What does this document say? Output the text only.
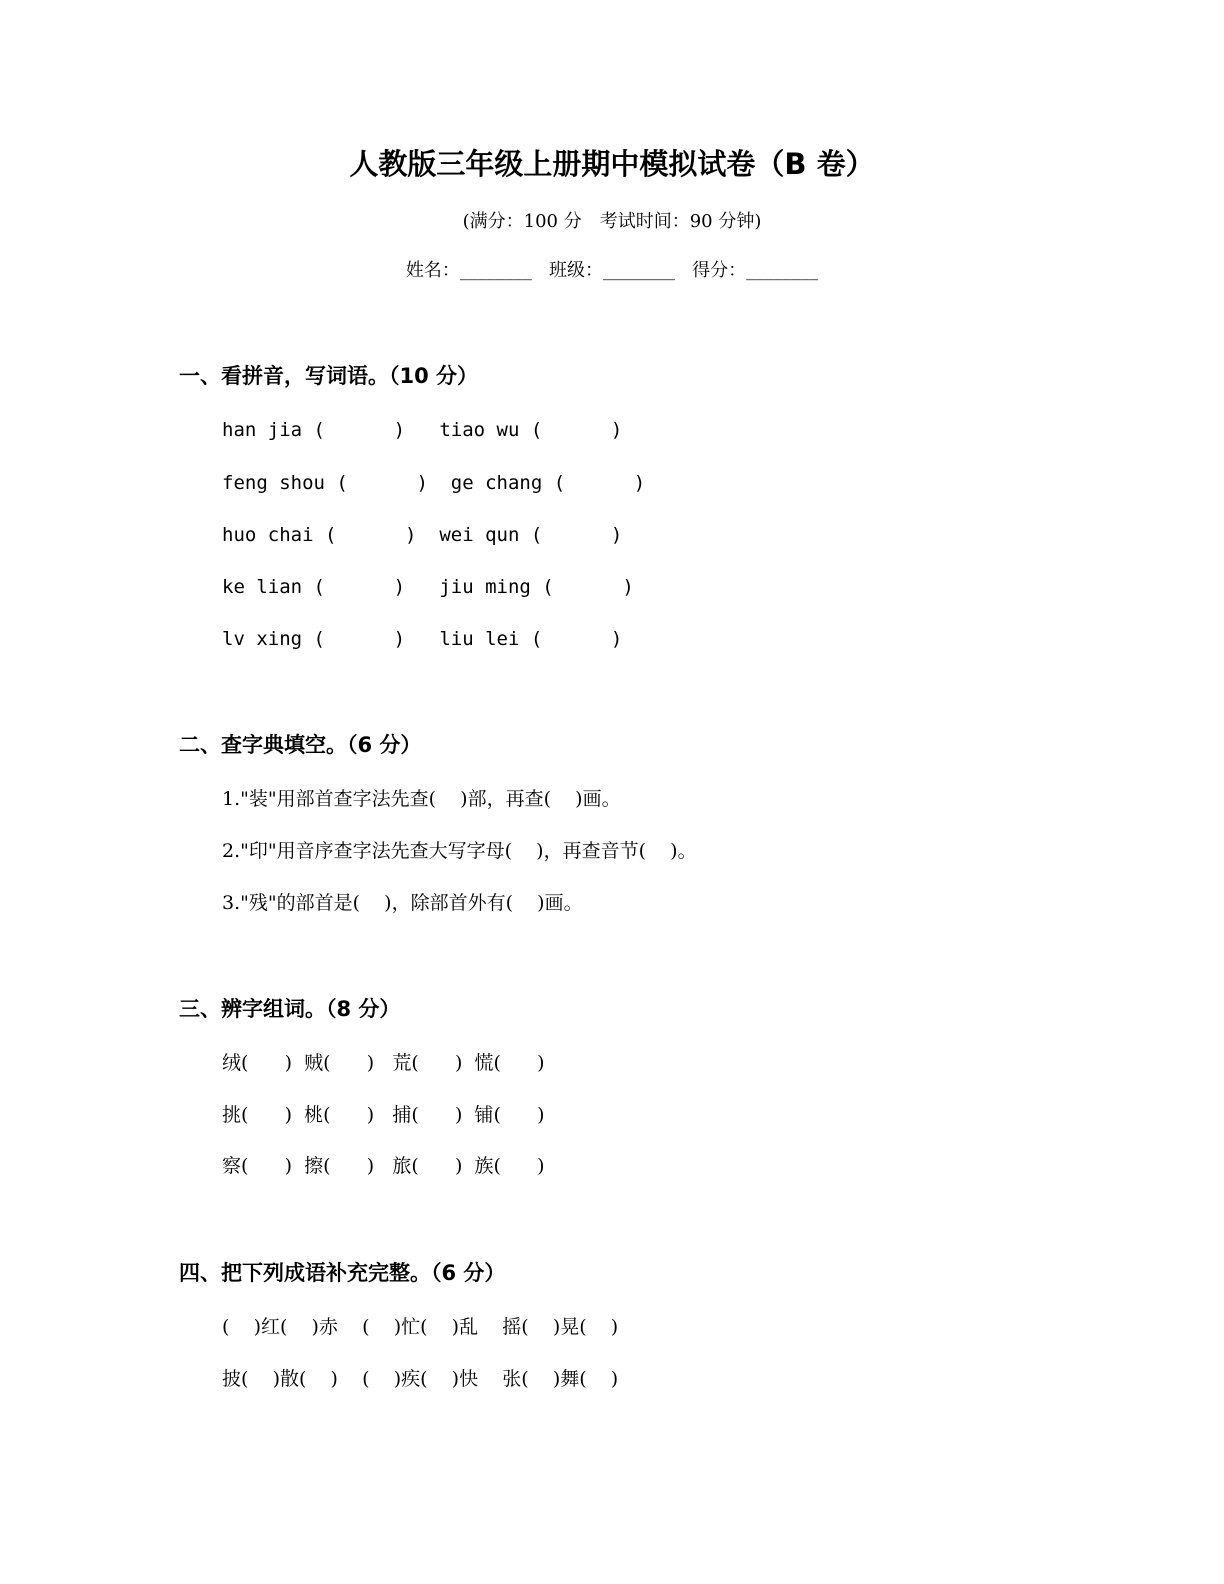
人教版三年级上册期中模拟试卷（B 卷）
(满分：100 分　考试时间：90 分钟)
姓名：________   班级：________   得分：________
一、看拼音，写词语。（10 分）
han jia (      )   tiao wu (      )
feng shou (      )  ge chang (      )
huo chai (      )  wei qun (      )
ke lian (      )   jiu ming (      )
lv xing (      )   liu lei (      )
二、查字典填空。（6 分）
1."装"用部首查字法先查(    )部，再查(    )画。
2."印"用音序查字法先查大写字母(    )，再查音节(    )。
3."残"的部首是(    )，除部首外有(    )画。
三、辨字组词。（8 分）
绒(      )  贼(      )   荒(      )  慌(      )
挑(      )  桃(      )   捕(      )  铺(      )
察(      )  擦(      )   旅(      )  族(      )
四、把下列成语补充完整。（6 分）
(    )红(    )赤    (    )忙(    )乱    摇(    )晃(    )
披(    )散(    )    (    )疾(    )快    张(    )舞(    )
